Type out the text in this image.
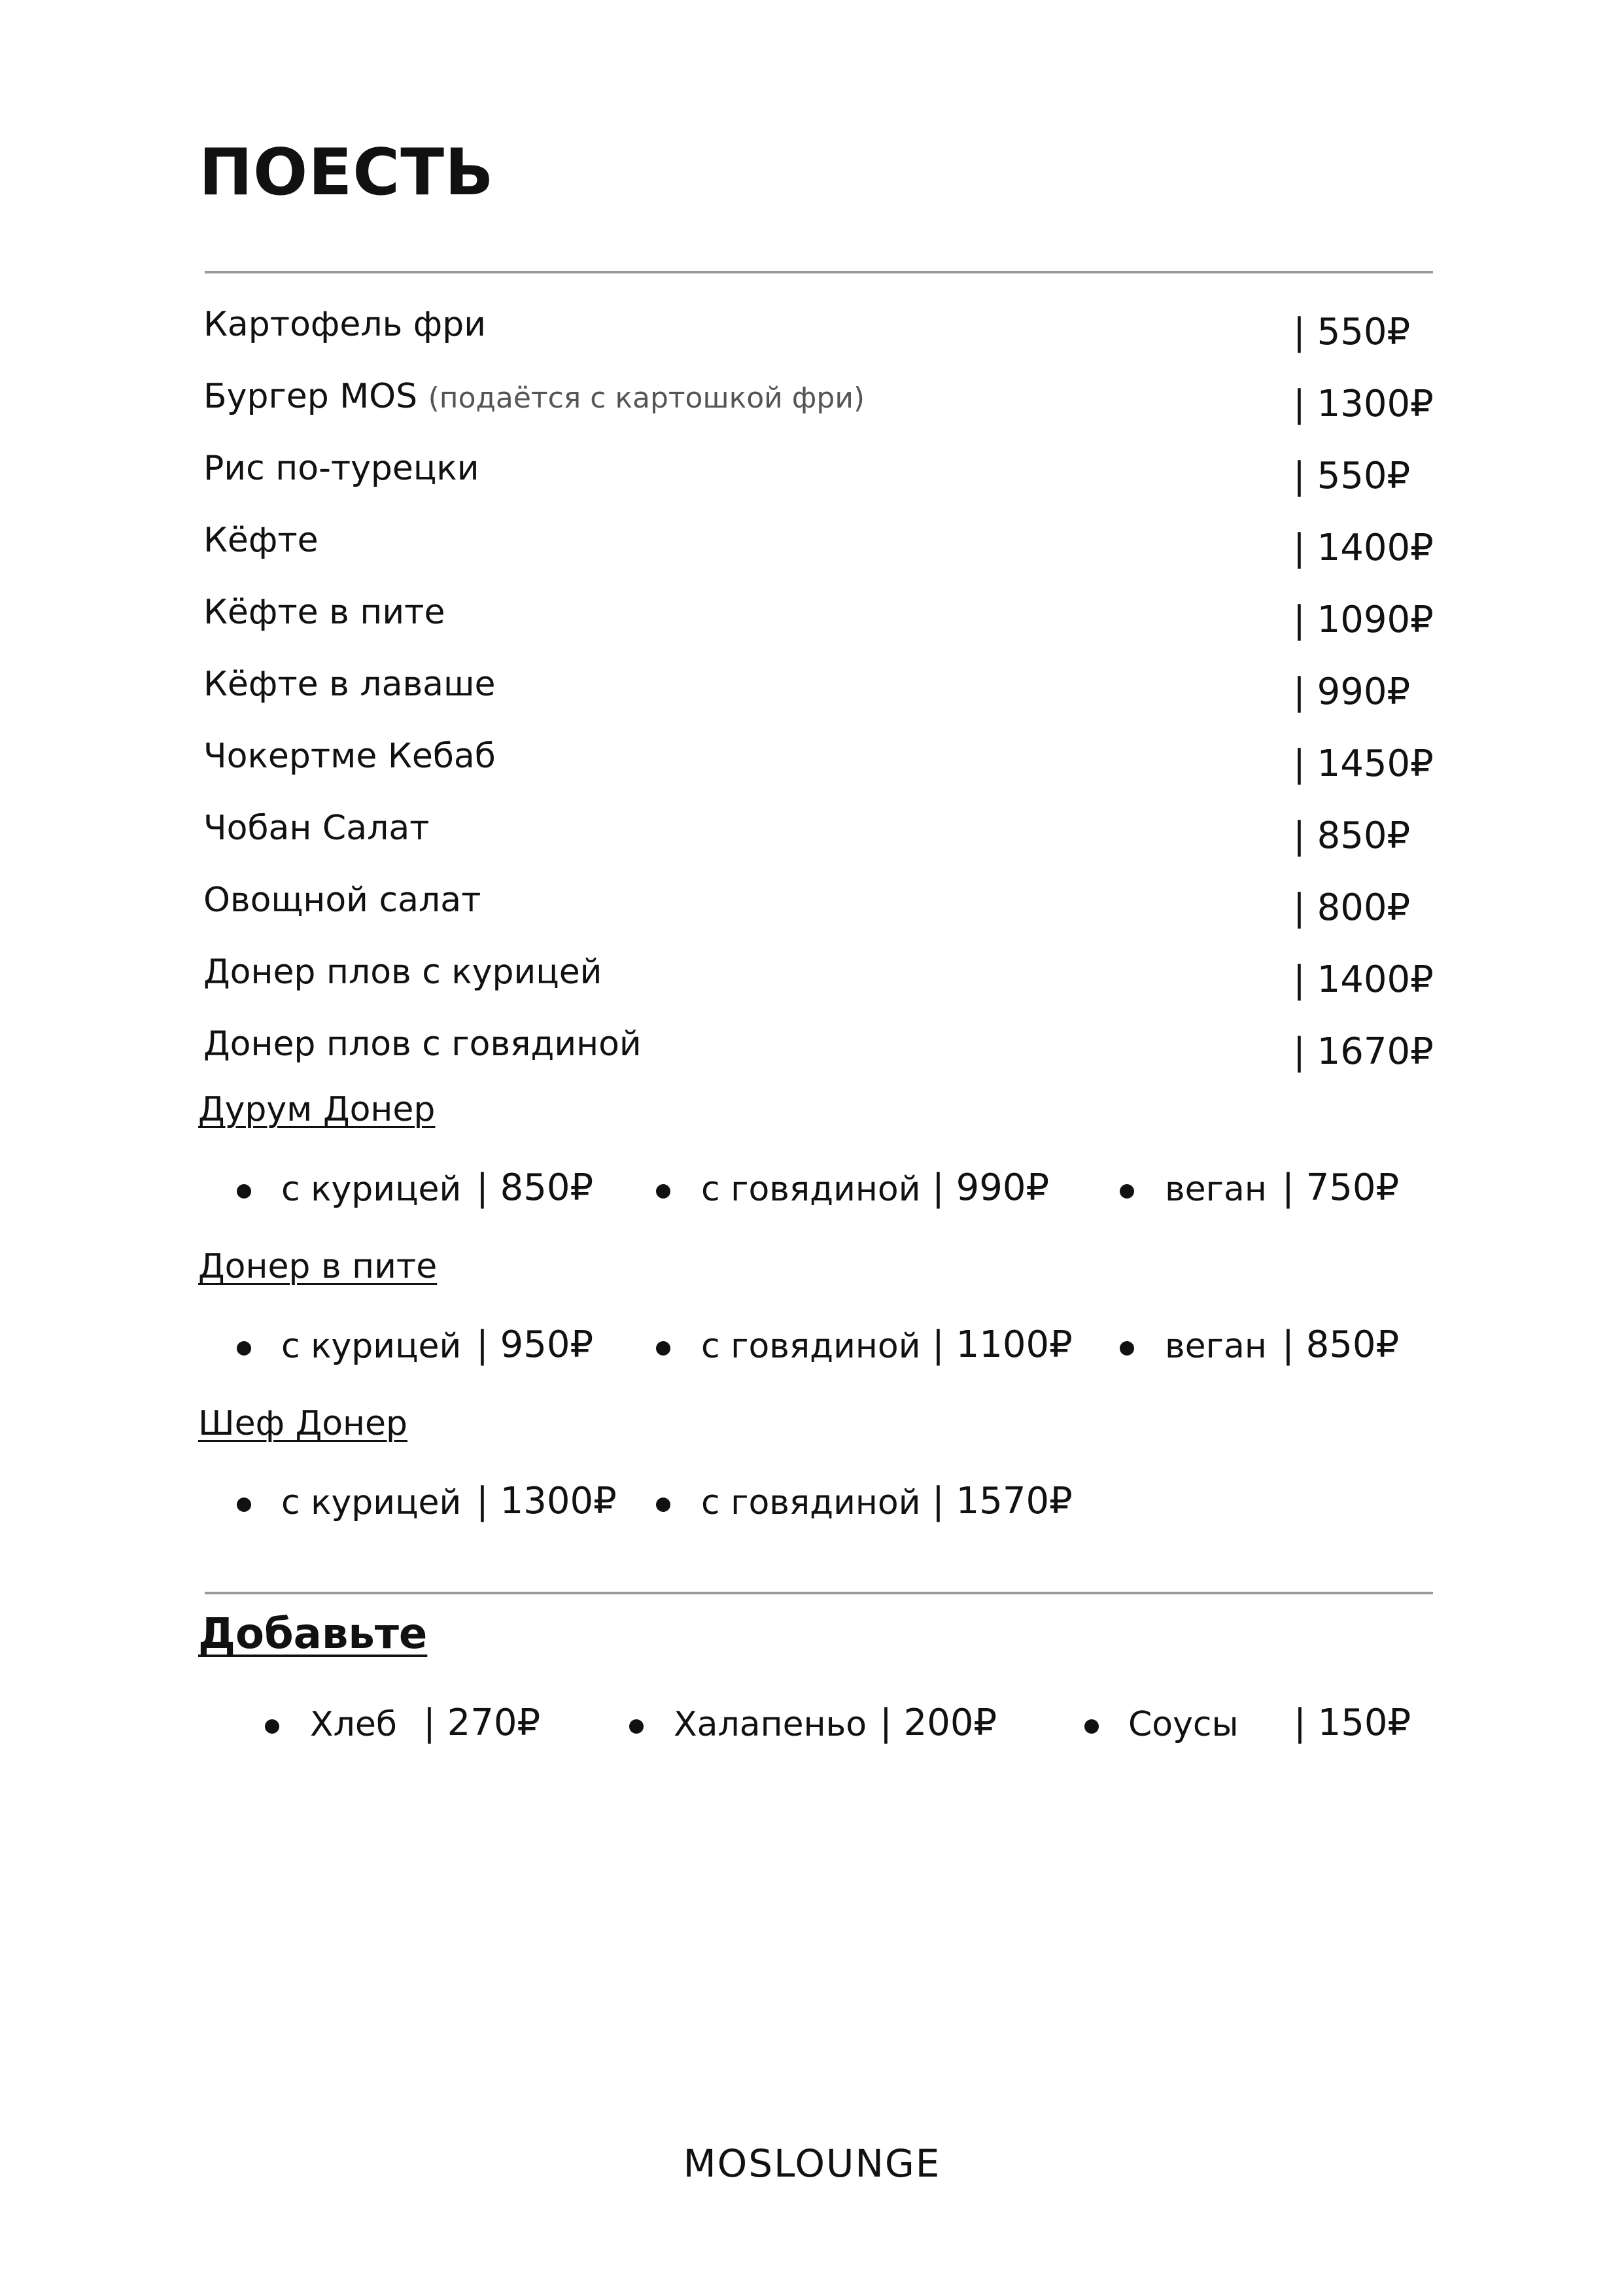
ПОЕСТЬ
Картофель фри	| 550₽
Бургер MOS (подаётся с картошкой фри)	| 1300₽
Рис по-турецки	| 550₽
Кёфте	| 1400₽
Кёфте в пите	| 1090₽
Кёфте в лаваше	| 990₽
Чокертме Кебаб	| 1450₽
Чобан Салат	| 850₽
Овощной салат	| 800₽
Донер плов с курицей	| 1400₽
Донер плов с говядиной	| 1670₽
Дурум Донер
с курицей | 850₽	с говядиной | 990₽	веган | 750₽
Донер в пите
с курицей | 950₽	с говядиной | 1100₽	веган | 850₽
Шеф Донер
с курицей | 1300₽ с говядиной | 1570₽
Добавьте
Хлеб | 270₽	Халапеньо | 200₽	Соусы | 150₽
MOSLOUNGE
